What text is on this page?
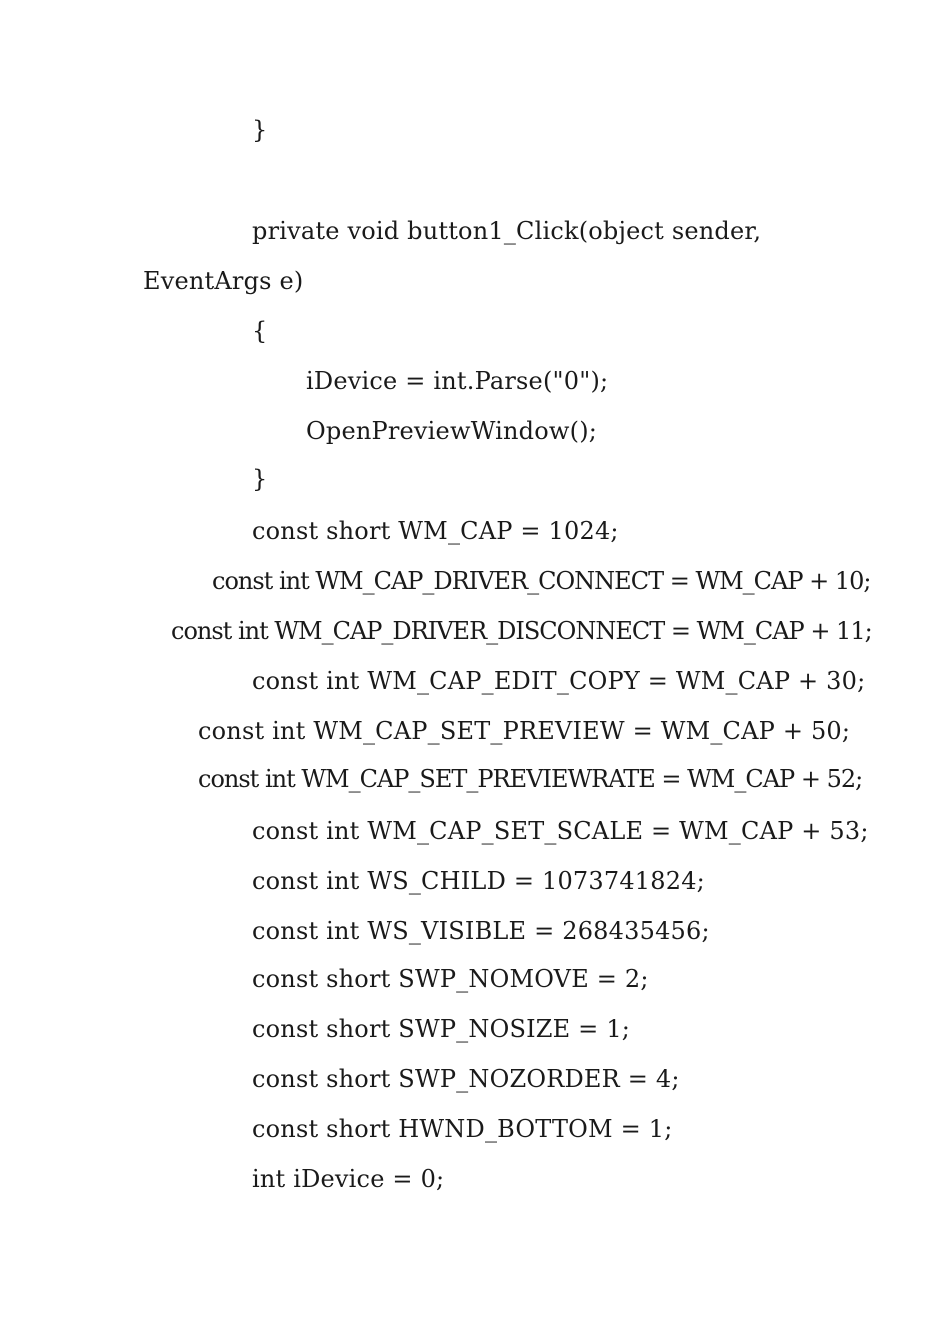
}
private void button1_Click(object sender,
EventArgs e)
{
iDevice = int.Parse("0");
OpenPreviewWindow();
}
const short WM_CAP = 1024;
const int WM_CAP_DRIVER_CONNECT = WM_CAP + 10;
const int WM_CAP_DRIVER_DISCONNECT = WM_CAP + 11;
const int WM_CAP_EDIT_COPY = WM_CAP + 30;
const int WM_CAP_SET_PREVIEW = WM_CAP + 50;
const int WM_CAP_SET_PREVIEWRATE = WM_CAP + 52;
const int WM_CAP_SET_SCALE = WM_CAP + 53;
const int WS_CHILD = 1073741824;
const int WS_VISIBLE = 268435456;
const short SWP_NOMOVE = 2;
const short SWP_NOSIZE = 1;
const short SWP_NOZORDER = 4;
const short HWND_BOTTOM = 1;
int iDevice = 0;
